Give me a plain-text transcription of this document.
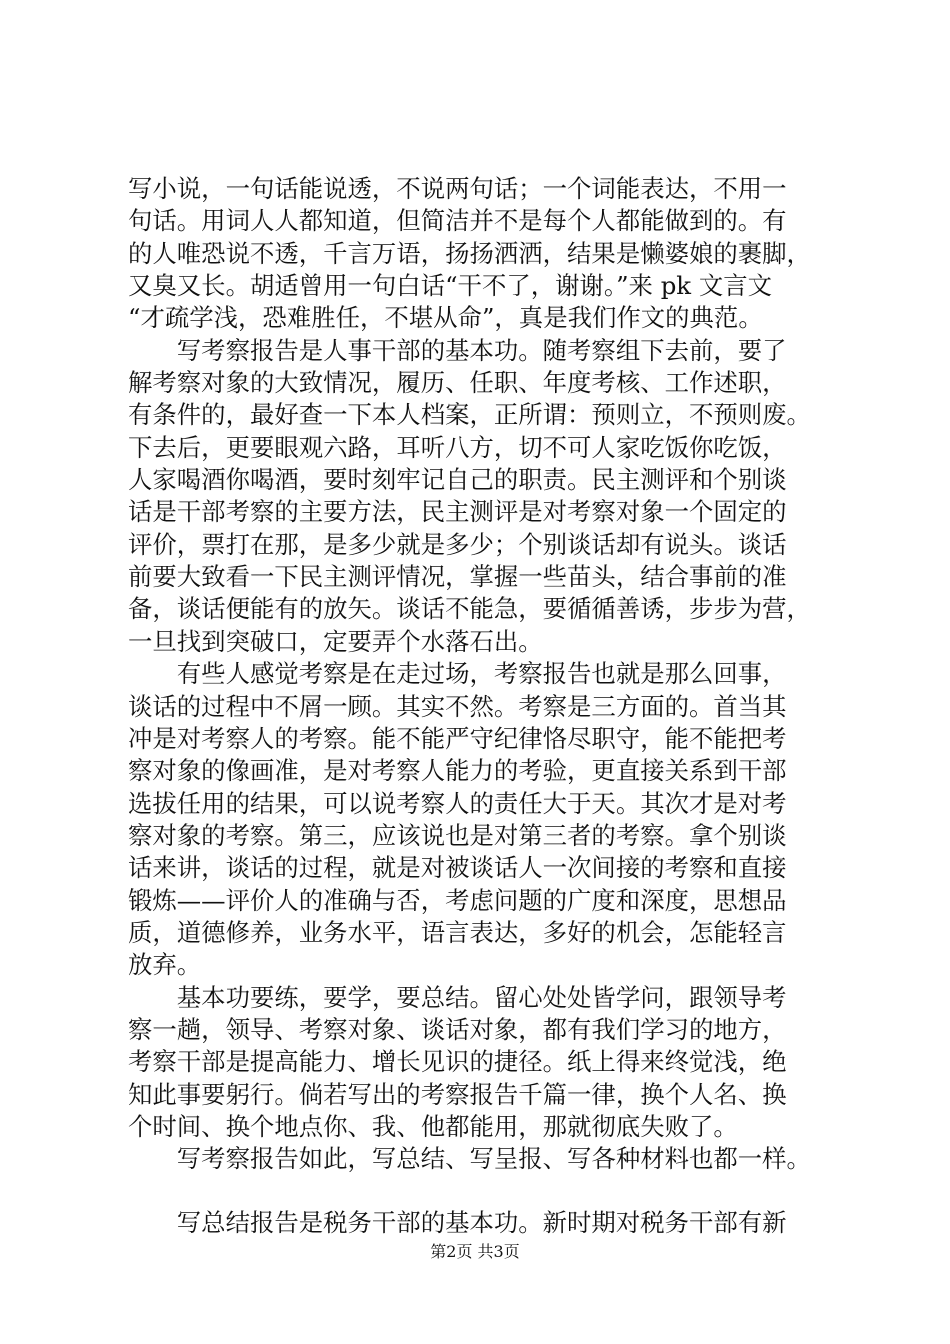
写小说，一句话能说透，不说两句话；一个词能表达，不用一
句话。用词人人都知道，但简洁并不是每个人都能做到的。有
的人唯恐说不透，千言万语，扬扬洒洒，结果是懒婆娘的裹脚，
又臭又长。胡适曾用一句白话“干不了，谢谢。”来 pk 文言文
“才疏学浅，恐难胜任，不堪从命”，真是我们作文的典范。
　　写考察报告是人事干部的基本功。随考察组下去前，要了
解考察对象的大致情况，履历、任职、年度考核、工作述职，
有条件的，最好查一下本人档案，正所谓：预则立，不预则废。
下去后，更要眼观六路，耳听八方，切不可人家吃饭你吃饭，
人家喝酒你喝酒，要时刻牢记自己的职责。民主测评和个别谈
话是干部考察的主要方法，民主测评是对考察对象一个固定的
评价，票打在那，是多少就是多少；个别谈话却有说头。谈话
前要大致看一下民主测评情况，掌握一些苗头，结合事前的准
备，谈话便能有的放矢。谈话不能急，要循循善诱，步步为营，
一旦找到突破口，定要弄个水落石出。
　　有些人感觉考察是在走过场，考察报告也就是那么回事，
谈话的过程中不屑一顾。其实不然。考察是三方面的。首当其
冲是对考察人的考察。能不能严守纪律恪尽职守，能不能把考
察对象的像画准，是对考察人能力的考验，更直接关系到干部
选拔任用的结果，可以说考察人的责任大于天。其次才是对考
察对象的考察。第三，应该说也是对第三者的考察。拿个别谈
话来讲，谈话的过程，就是对被谈话人一次间接的考察和直接
锻炼——评价人的准确与否，考虑问题的广度和深度，思想品
质，道德修养，业务水平，语言表达，多好的机会，怎能轻言
放弃。
　　基本功要练，要学，要总结。留心处处皆学问，跟领导考
察一趟，领导、考察对象、谈话对象，都有我们学习的地方，
考察干部是提高能力、增长见识的捷径。纸上得来终觉浅，绝
知此事要躬行。倘若写出的考察报告千篇一律，换个人名、换
个时间、换个地点你、我、他都能用，那就彻底失败了。
　　写考察报告如此，写总结、写呈报、写各种材料也都一样。
　　写总结报告是税务干部的基本功。新时期对税务干部有新
第2页 共3页
